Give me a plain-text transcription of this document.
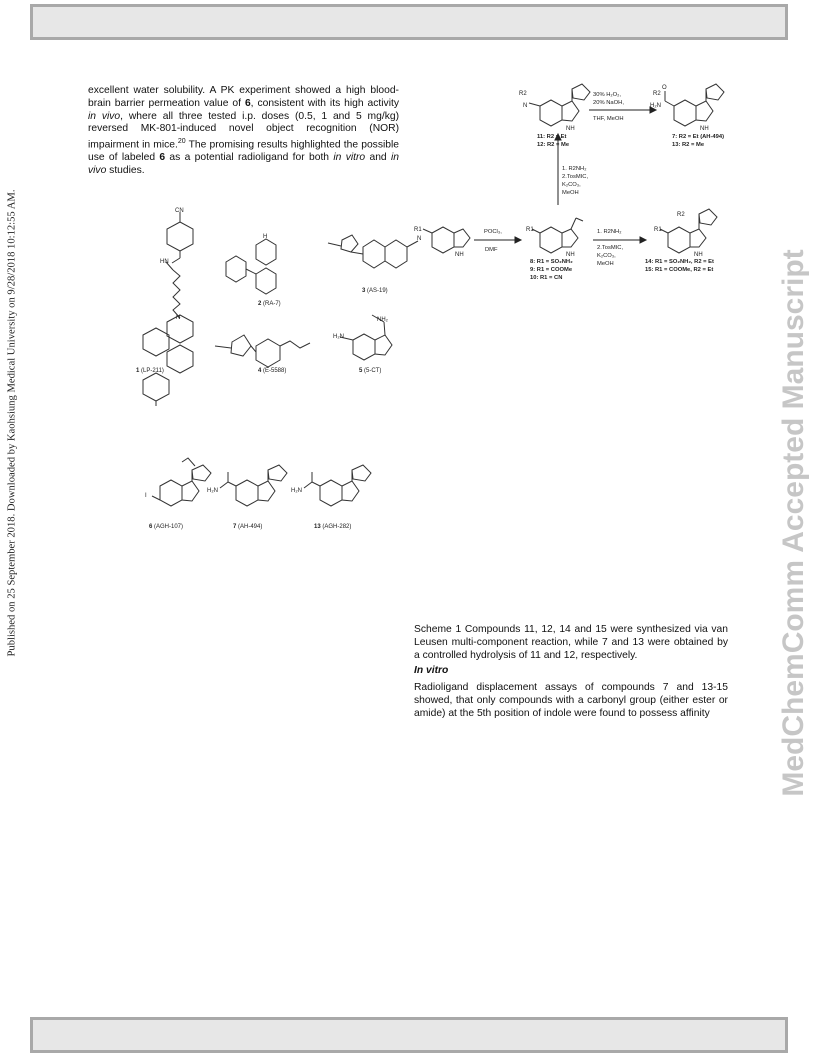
Published on 25 September 2018. Downloaded by Kaohsiung Medical University on 9/28/2018 10:12:55 AM.	MedChemComm Accepted Manuscript
excellent water solubility. A PK experiment showed a high blood-brain barrier permeation value of 6, consistent with its high activity in vivo, where all three tested i.p. doses (0.5, 1 and 5 mg/kg) reversed MK-801-induced novel object recognition (NOR) impairment in mice.$^{20}$ The promising results highlighted the possible use of labeled 6 as a potential radioligand for both in vitro and in vivo studies.
CN
HN
N
H	N
NH₂
H₂N
I
H₂N	H₂N
1 (LP-211)
2 (RA-7)
3 (AS-19)
4 (E-5588)	5 (5-CT)
6 (AGH-107)	7 (AH-494)	13 (AGH-282)
R2
N
NH
R2
O
H₂N
NH
R1
NH
R1
NH
R1
R2
NH
11: R2 = Et
12: R2 = Me
30% H₂O₂,
20% NaOH,
THF, MeOH
7: R2 = Et (AH-494)
13: R2 = Me
1. R2NH₂
2.TosMIC,
K₂CO₃,
MeOH
POCl₃,
DMF
8: R1 = SO₂NH₂
9: R1 = COOMe
10: R1 = CN
1. R2NH₂
2.TosMIC,
K₂CO₃,
MeOH	14: R1 = SO₂NH₂, R2 = Et
15: R1 = COOMe, R2 = Et
Scheme 1 Compounds 11, 12, 14 and 15 were synthesized via van Leusen multi-component reaction, while 7 and 13 were obtained by a controlled hydrolysis of 11 and 12, respectively.
In vitro
Radioligand displacement assays of compounds 7 and 13-15 showed, that only compounds with a carbonyl group (either ester or amide) at the 5th position of indole were found to possess affinity
